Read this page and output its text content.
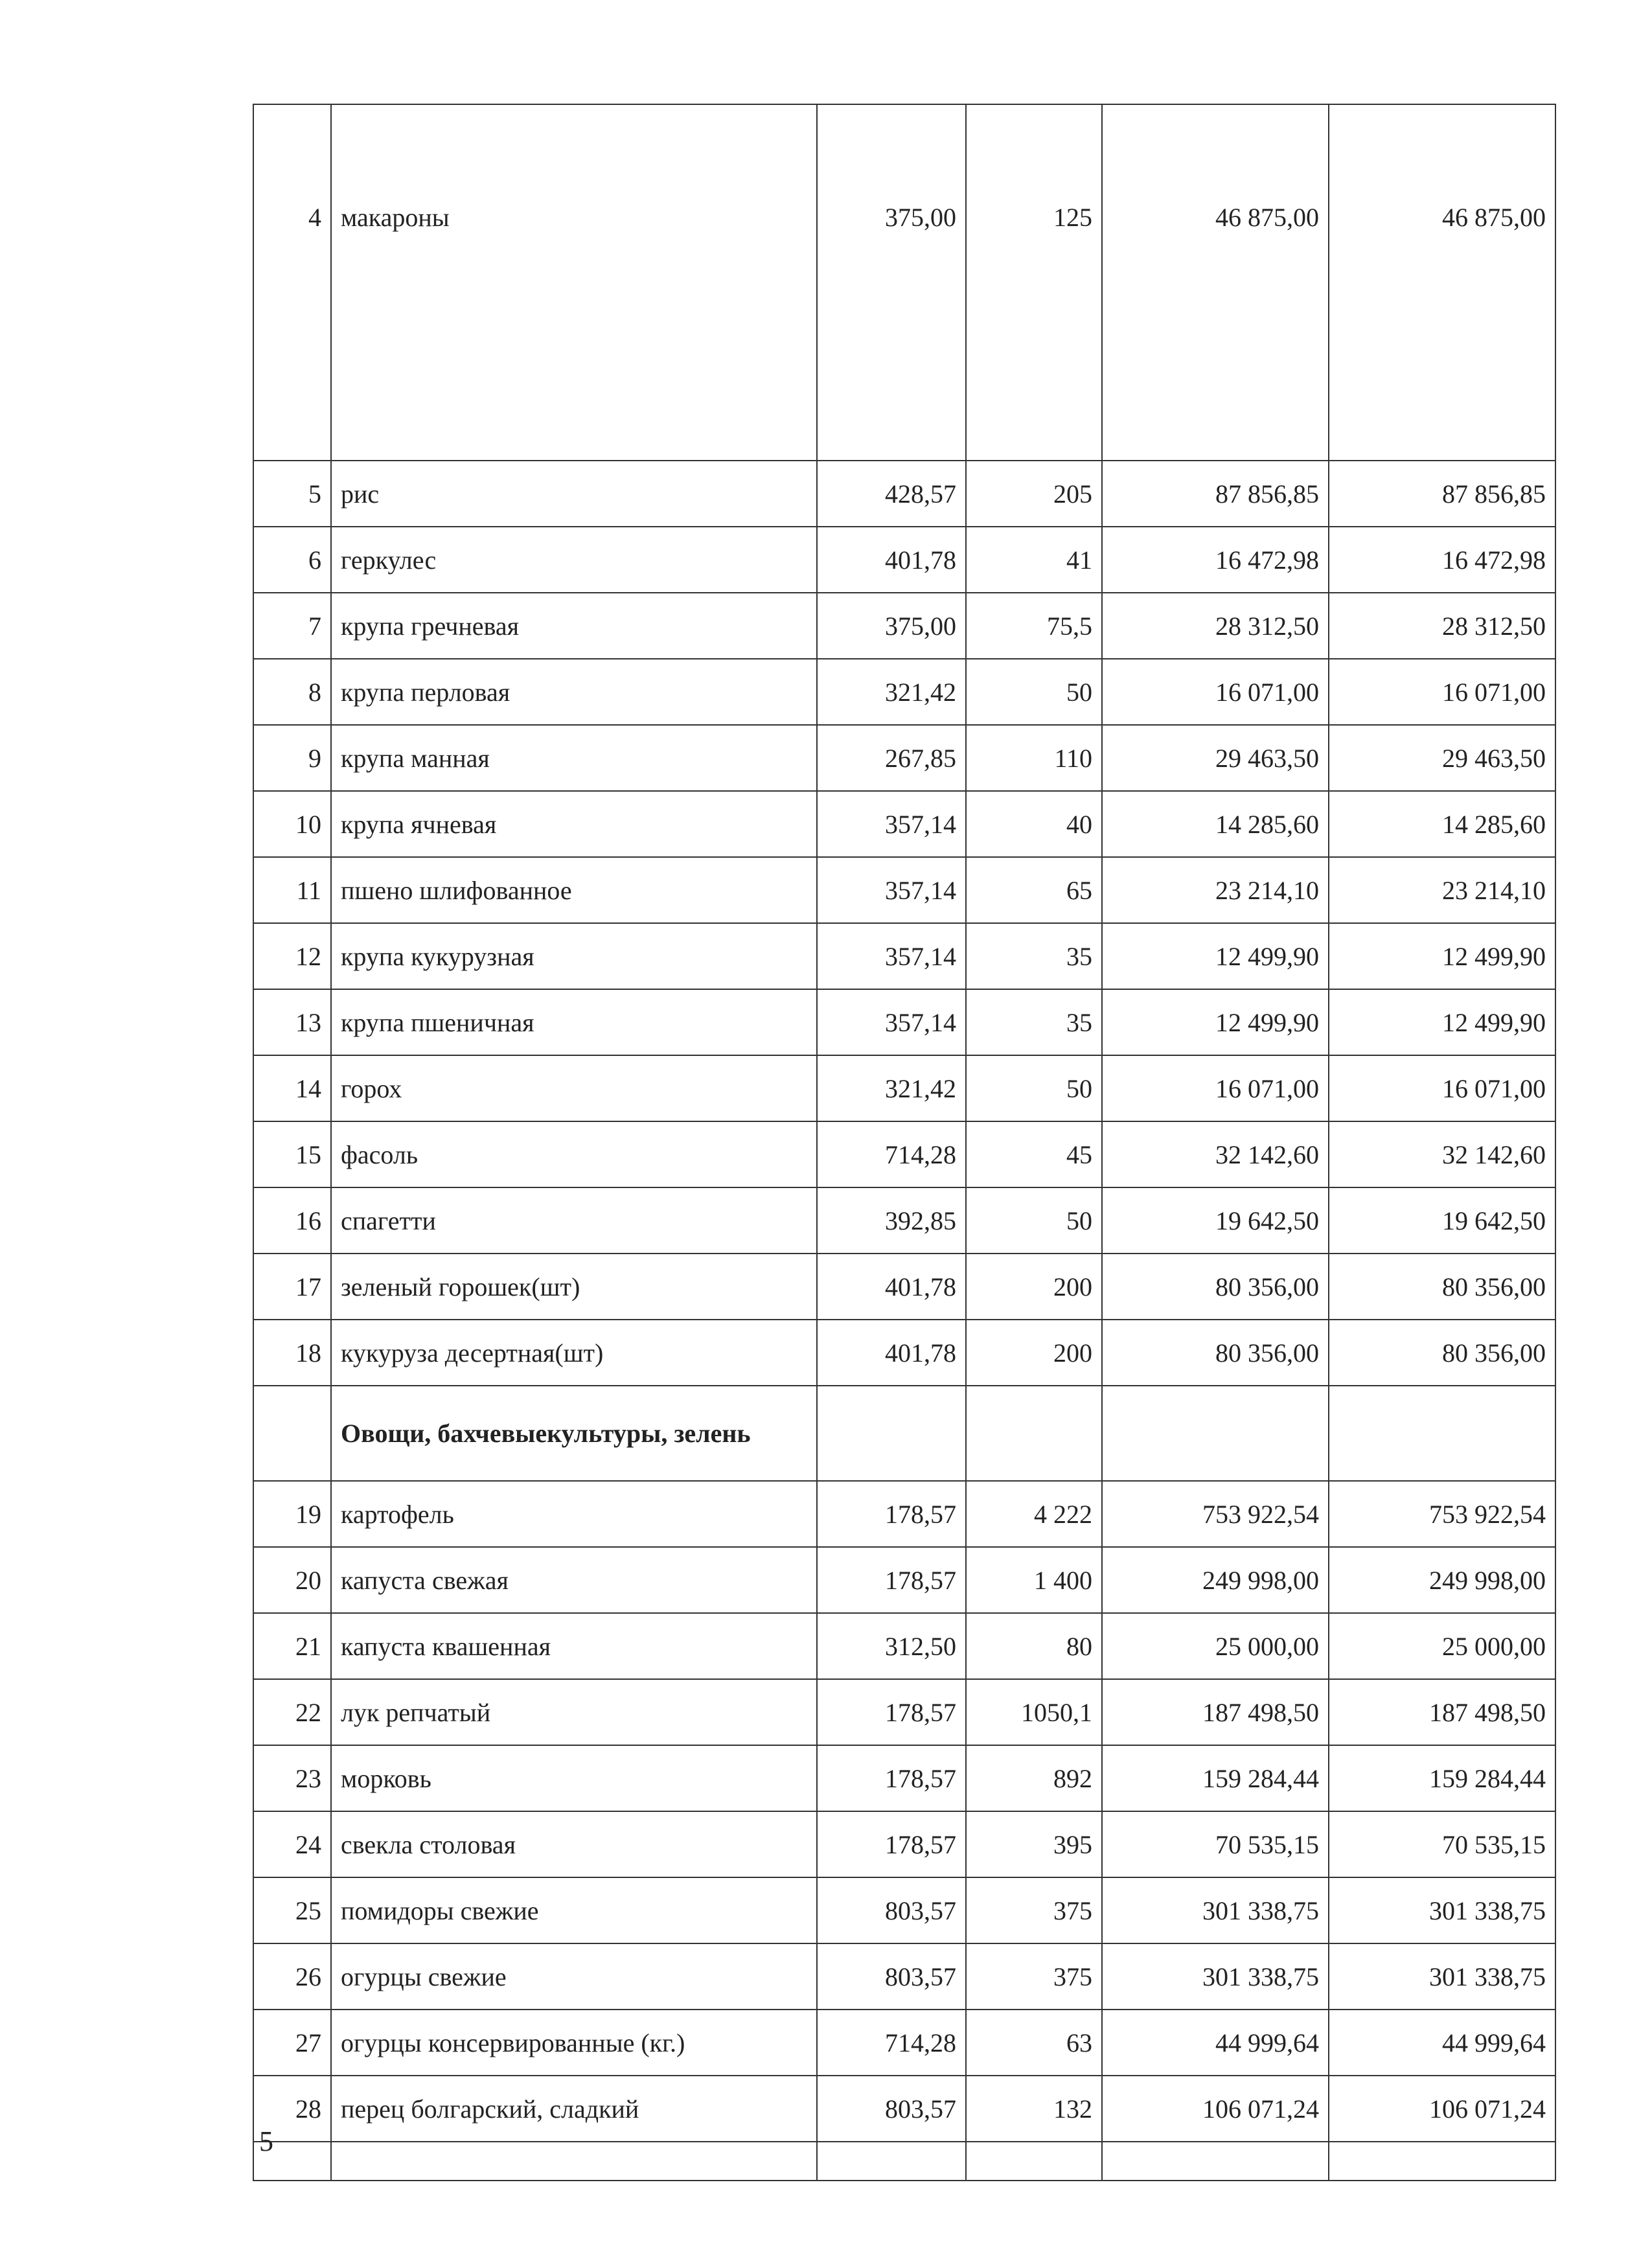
4	макароны	375,00	125	46 875,00	46 875,00
5	рис	428,57	205	87 856,85	87 856,85
6	геркулес	401,78	41	16 472,98	16 472,98
7	крупа гречневая	375,00	75,5	28 312,50	28 312,50
8	крупа перловая	321,42	50	16 071,00	16 071,00
9	крупа манная	267,85	110	29 463,50	29 463,50
10	крупа ячневая	357,14	40	14 285,60	14 285,60
11	пшено шлифованное	357,14	65	23 214,10	23 214,10
12	крупа кукурузная	357,14	35	12 499,90	12 499,90
13	крупа пшеничная	357,14	35	12 499,90	12 499,90
14	горох	321,42	50	16 071,00	16 071,00
15	фасоль	714,28	45	32 142,60	32 142,60
16	спагетти	392,85	50	19 642,50	19 642,50
17	зеленый горошек(шт)	401,78	200	80 356,00	80 356,00
18	кукуруза десертная(шт)	401,78	200	80 356,00	80 356,00
	Овощи, бахчевыекультуры, зелень				
19	картофель	178,57	4 222	753 922,54	753 922,54
20	капуста свежая	178,57	1 400	249 998,00	249 998,00
21	капуста квашенная	312,50	80	25 000,00	25 000,00
22	лук репчатый	178,57	1050,1	187 498,50	187 498,50
23	морковь	178,57	892	159 284,44	159 284,44
24	свекла столовая	178,57	395	70 535,15	70 535,15
25	помидоры свежие	803,57	375	301 338,75	301 338,75
26	огурцы свежие	803,57	375	301 338,75	301 338,75
27	огурцы консервированные (кг.)	714,28	63	44 999,64	44 999,64
28	перец болгарский, сладкий	803,57	132	106 071,24	106 071,24

5
